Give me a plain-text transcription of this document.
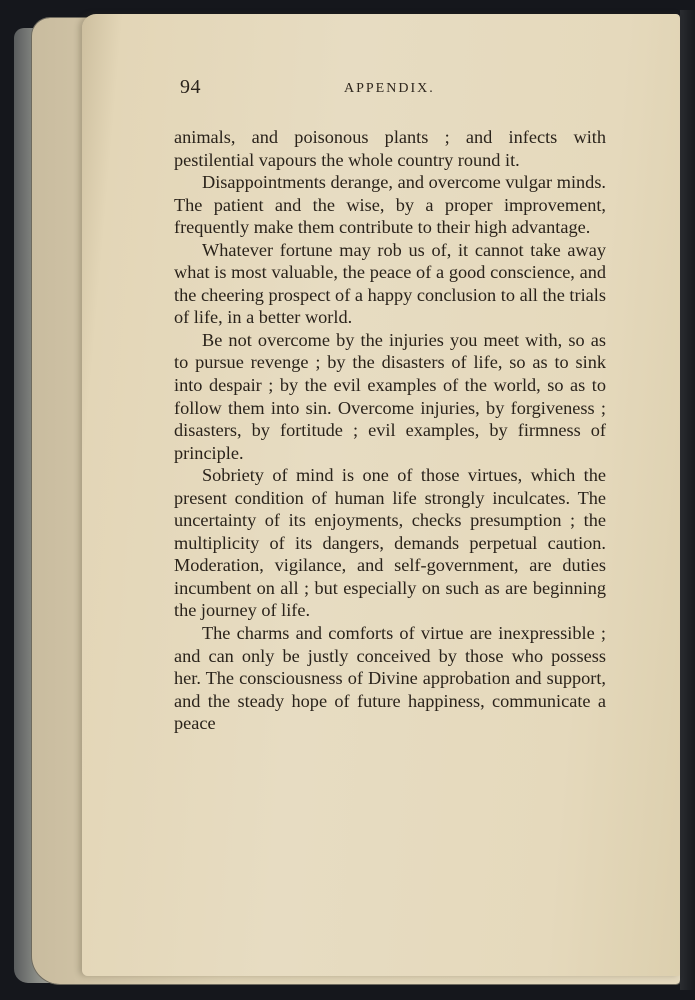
94	APPENDIX.

animals, and poisonous plants ; and infects with pestilential vapours the whole country round it.

Disappointments derange, and overcome vulgar minds. The patient and the wise, by a proper improvement, frequently make them contribute to their high advantage.

Whatever fortune may rob us of, it cannot take away what is most valuable, the peace of a good conscience, and the cheering prospect of a happy conclusion to all the trials of life, in a better world.

Be not overcome by the injuries you meet with, so as to pursue revenge ; by the disasters of life, so as to sink into despair ; by the evil examples of the world, so as to follow them into sin. Overcome injuries, by forgiveness ; disasters, by fortitude ; evil examples, by firmness of principle.

Sobriety of mind is one of those virtues, which the present condition of human life strongly inculcates. The uncertainty of its enjoyments, checks presumption ; the multiplicity of its dangers, demands perpetual caution. Moderation, vigilance, and self-government, are duties incumbent on all ; but especially on such as are beginning the journey of life.

The charms and comforts of virtue are inexpressible ; and can only be justly conceived by those who possess her. The consciousness of Divine approbation and support, and the steady hope of future happiness, communicate a peace
